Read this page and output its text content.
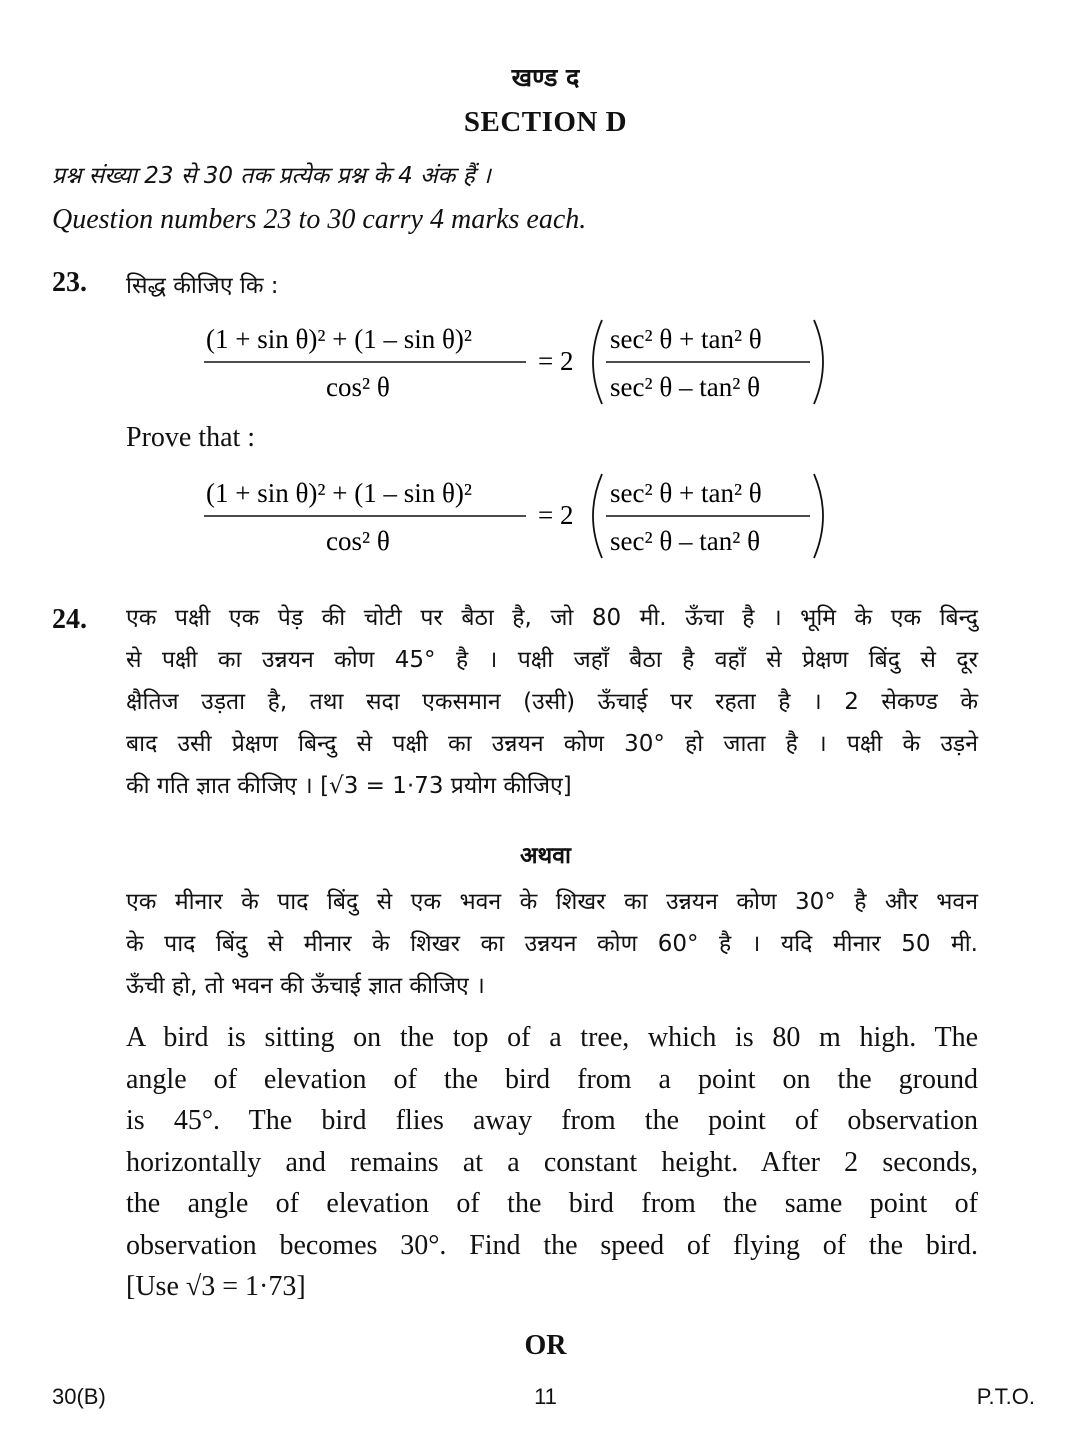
खण्ड द
SECTION D
प्रश्न संख्या 23 से 30 तक प्रत्येक प्रश्न के 4 अंक हैं ।
Question numbers 23 to 30 carry 4 marks each.
23. सिद्ध कीजिए कि :
(1 + sin θ)² + (1 – sin θ)²
cos² θ
= 2
sec² θ + tan² θ
sec² θ – tan² θ
Prove that :
(1 + sin θ)² + (1 – sin θ)²
cos² θ
= 2
sec² θ + tan² θ
sec² θ – tan² θ
24. एक पक्षी एक पेड़ की चोटी पर बैठा है, जो 80 मी. ऊँचा है । भूमि के एक बिन्दु
से पक्षी का उन्नयन कोण 45° है । पक्षी जहाँ बैठा है वहाँ से प्रेक्षण बिंदु से दूर
क्षैतिज उड़ता है, तथा सदा एकसमान (उसी) ऊँचाई पर रहता है । 2 सेकण्ड के
बाद उसी प्रेक्षण बिन्दु से पक्षी का उन्नयन कोण 30° हो जाता है । पक्षी के उड़ने
की गति ज्ञात कीजिए । [√3 = 1·73 प्रयोग कीजिए]
अथवा
एक मीनार के पाद बिंदु से एक भवन के शिखर का उन्नयन कोण 30° है और भवन
के पाद बिंदु से मीनार के शिखर का उन्नयन कोण 60° है । यदि मीनार 50 मी.
ऊँची हो, तो भवन की ऊँचाई ज्ञात कीजिए ।
A bird is sitting on the top of a tree, which is 80 m high. The
angle of elevation of the bird from a point on the ground
is 45°. The bird flies away from the point of observation
horizontally and remains at a constant height. After 2 seconds,
the angle of elevation of the bird from the same point of
observation becomes 30°. Find the speed of flying of the bird.
[Use √3 = 1·73]
OR
30(B)	11	P.T.O.
